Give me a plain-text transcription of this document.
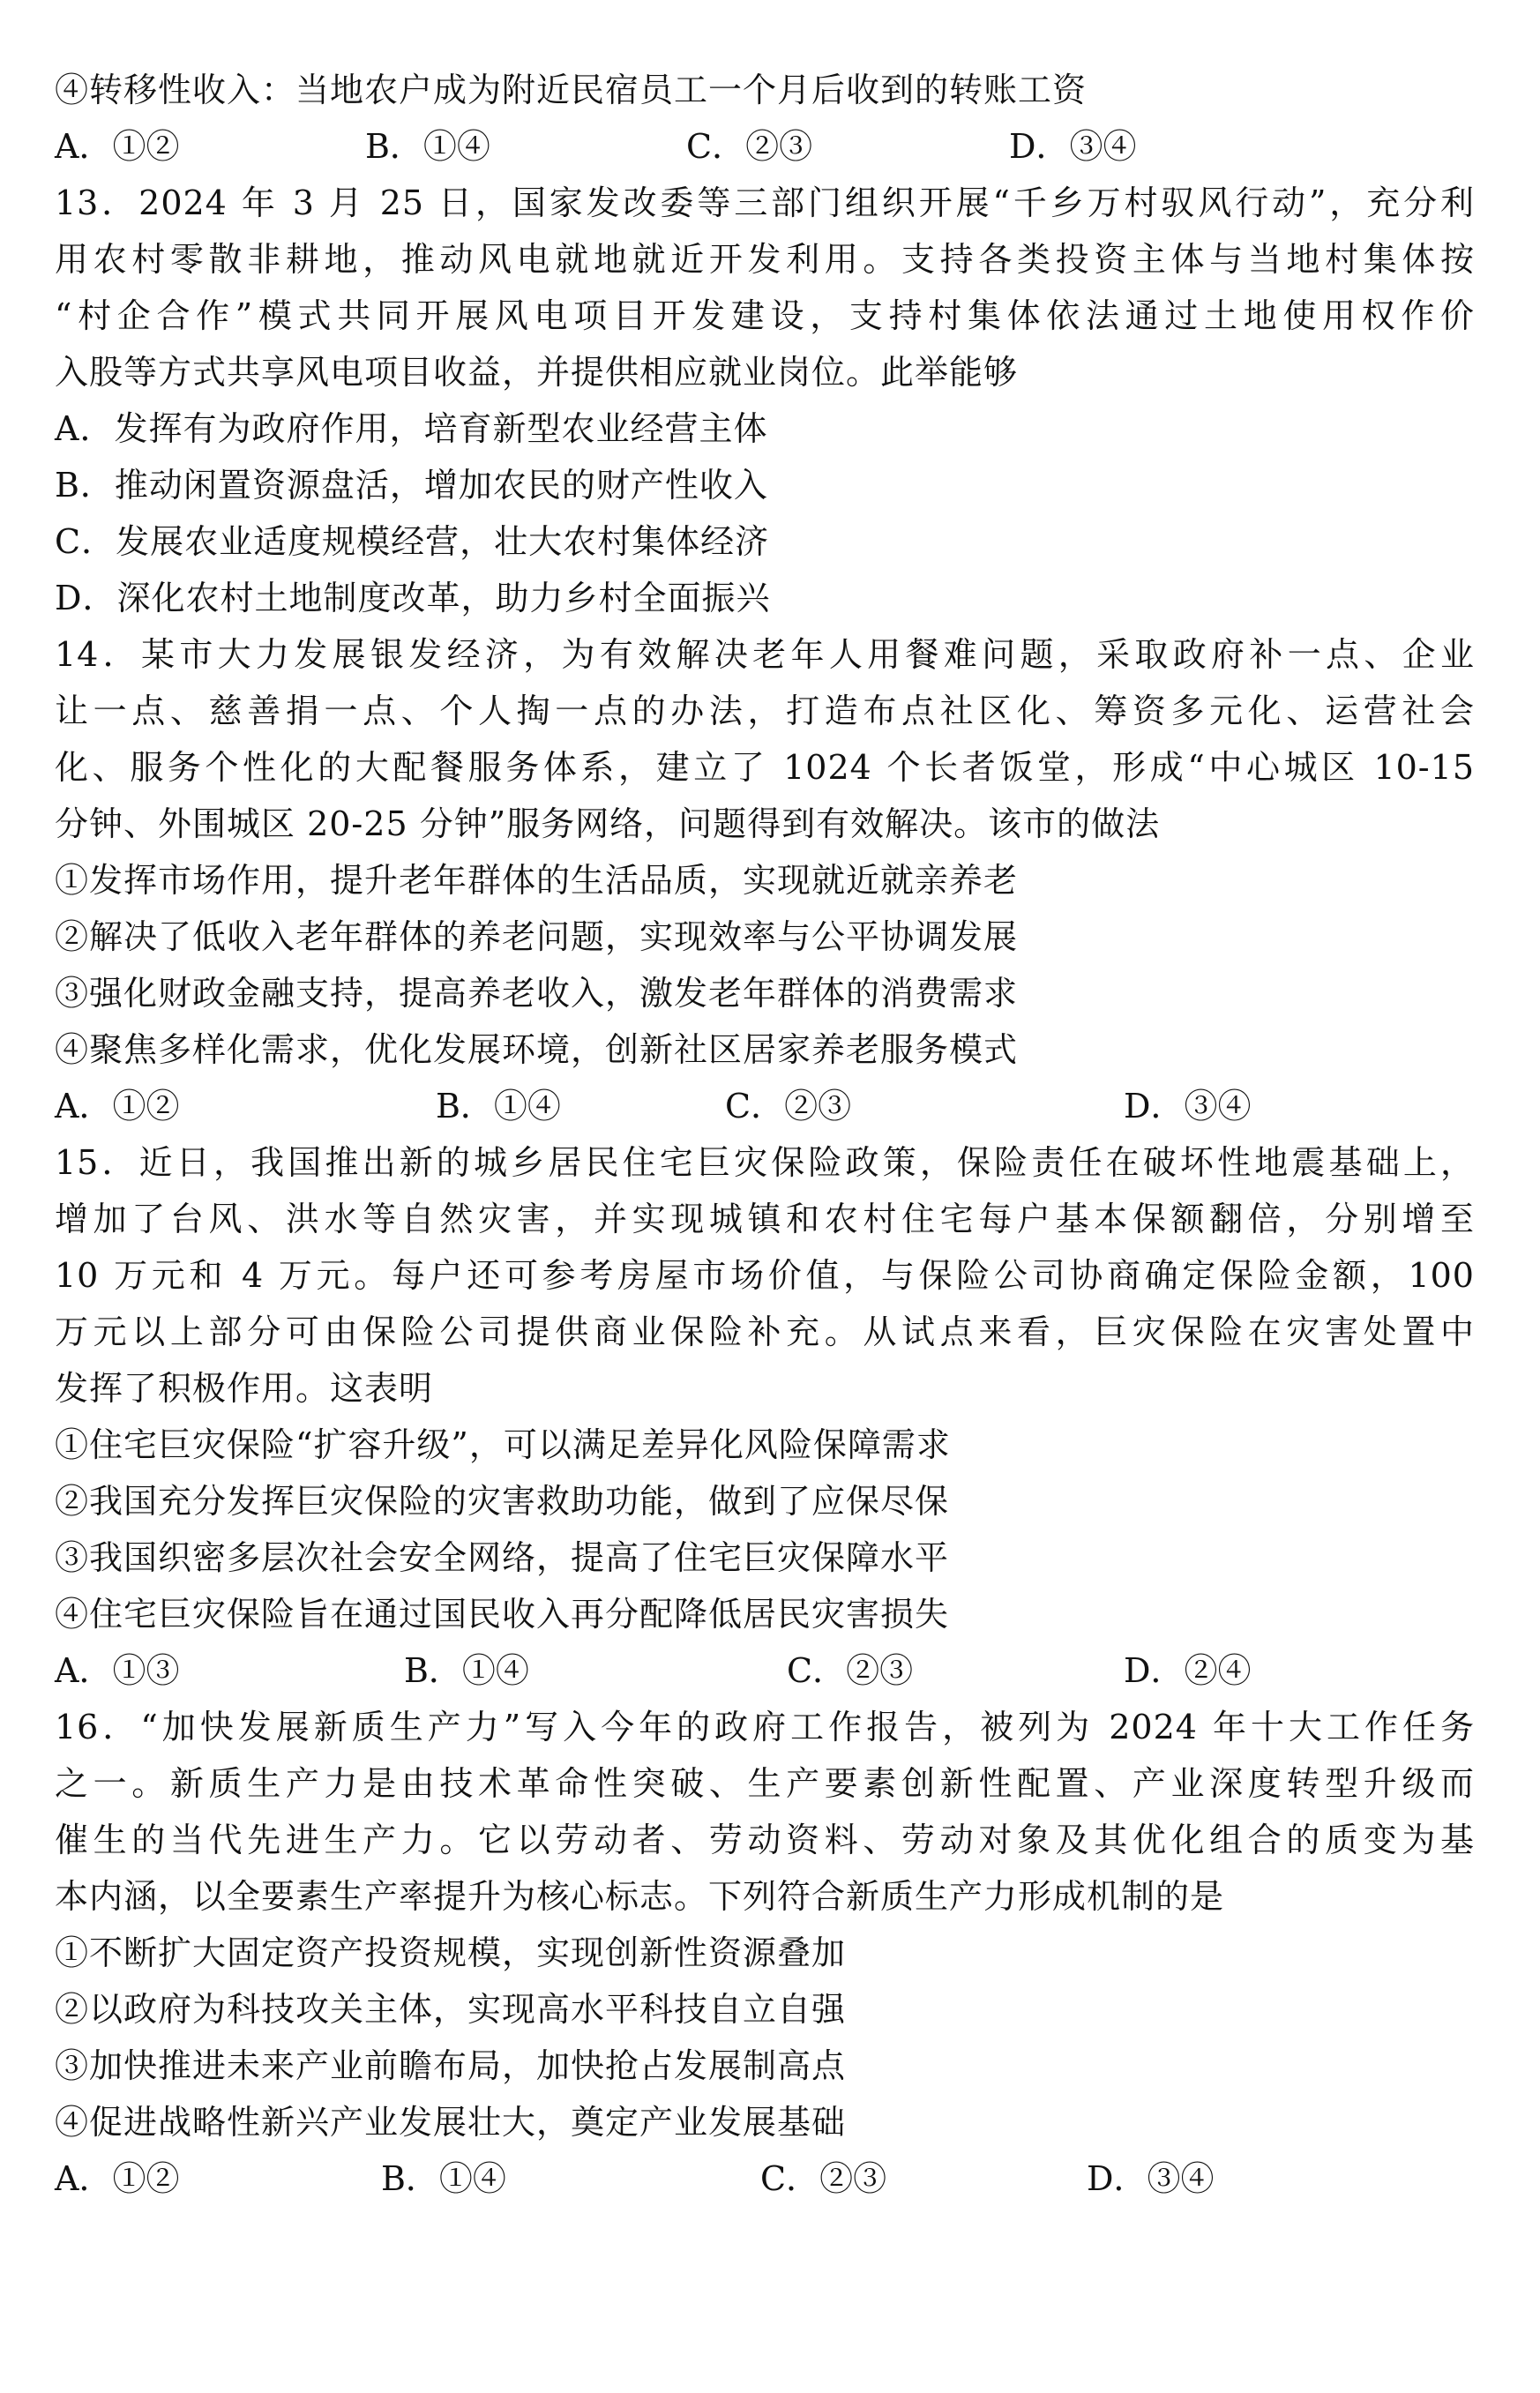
④转移性收入：当地农户成为附近民宿员工一个月后收到的转账工资
A．①②	B．①④	C．②③	D．③④
13．2024 年 3 月 25 日，国家发改委等三部门组织开展“千乡万村驭风行动”，充分利
用农村零散非耕地，推动风电就地就近开发利用。支持各类投资主体与当地村集体按
“村企合作”模式共同开展风电项目开发建设，支持村集体依法通过土地使用权作价
入股等方式共享风电项目收益，并提供相应就业岗位。此举能够
A．发挥有为政府作用，培育新型农业经营主体
B．推动闲置资源盘活，增加农民的财产性收入
C．发展农业适度规模经营，壮大农村集体经济
D．深化农村土地制度改革，助力乡村全面振兴
14．某市大力发展银发经济，为有效解决老年人用餐难问题，采取政府补一点、企业
让一点、慈善捐一点、个人掏一点的办法，打造布点社区化、筹资多元化、运营社会
化、服务个性化的大配餐服务体系，建立了 1024 个长者饭堂，形成“中心城区 10-15
分钟、外围城区 20-25 分钟”服务网络，问题得到有效解决。该市的做法
①发挥市场作用，提升老年群体的生活品质，实现就近就亲养老
②解决了低收入老年群体的养老问题，实现效率与公平协调发展
③强化财政金融支持，提高养老收入，激发老年群体的消费需求
④聚焦多样化需求，优化发展环境，创新社区居家养老服务模式
A．①②	B．①④	C．②③	D．③④
15．近日，我国推出新的城乡居民住宅巨灾保险政策，保险责任在破坏性地震基础上，
增加了台风、洪水等自然灾害，并实现城镇和农村住宅每户基本保额翻倍，分别增至
10 万元和 4 万元。每户还可参考房屋市场价值，与保险公司协商确定保险金额，100
万元以上部分可由保险公司提供商业保险补充。从试点来看，巨灾保险在灾害处置中
发挥了积极作用。这表明
①住宅巨灾保险“扩容升级”，可以满足差异化风险保障需求
②我国充分发挥巨灾保险的灾害救助功能，做到了应保尽保
③我国织密多层次社会安全网络，提高了住宅巨灾保障水平
④住宅巨灾保险旨在通过国民收入再分配降低居民灾害损失
A．①③	B．①④	C．②③	D．②④
16．“加快发展新质生产力”写入今年的政府工作报告，被列为 2024 年十大工作任务
之一。新质生产力是由技术革命性突破、生产要素创新性配置、产业深度转型升级而
催生的当代先进生产力。它以劳动者、劳动资料、劳动对象及其优化组合的质变为基
本内涵，以全要素生产率提升为核心标志。下列符合新质生产力形成机制的是
①不断扩大固定资产投资规模，实现创新性资源叠加
②以政府为科技攻关主体，实现高水平科技自立自强
③加快推进未来产业前瞻布局，加快抢占发展制高点
④促进战略性新兴产业发展壮大，奠定产业发展基础
A．①②	B．①④	C．②③	D．③④
